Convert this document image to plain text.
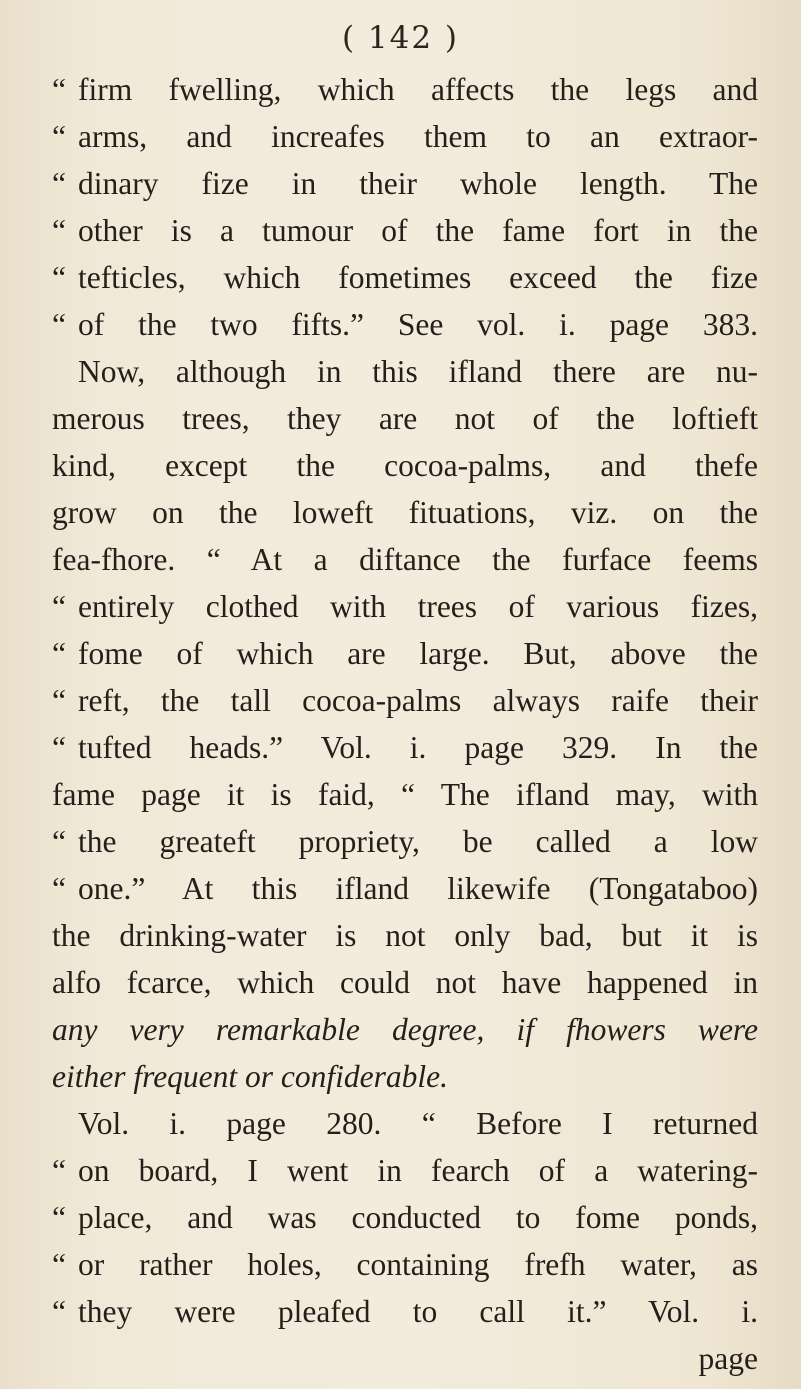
( 142 )
“ firm fwelling, which affects the legs and
“ arms, and increafes them to an extraor-
“ dinary fize in their whole length. The
“ other is a tumour of the fame fort in the
“ tefticles, which fometimes exceed the fize
“ of the two fifts.” See vol. i. page 383.
Now, although in this ifland there are nu-
merous trees, they are not of the loftieft
kind, except the cocoa-palms, and thefe
grow on the loweft fituations, viz. on the
fea-fhore. “ At a diftance the furface feems
“ entirely clothed with trees of various fizes,
“ fome of which are large. But, above the
“ reft, the tall cocoa-palms always raife their
“ tufted heads.” Vol. i. page 329. In the
fame page it is faid, “ The ifland may, with
“ the greateft propriety, be called a low
“ one.” At this ifland likewife (Tongataboo)
the drinking-water is not only bad, but it is
alfo fcarce, which could not have happened in
any very remarkable degree, if fhowers were
either frequent or confiderable.
Vol. i. page 280. “ Before I returned
“ on board, I went in fearch of a watering-
“ place, and was conducted to fome ponds,
“ or rather holes, containing frefh water, as
“ they were pleafed to call it.” Vol. i.
page
